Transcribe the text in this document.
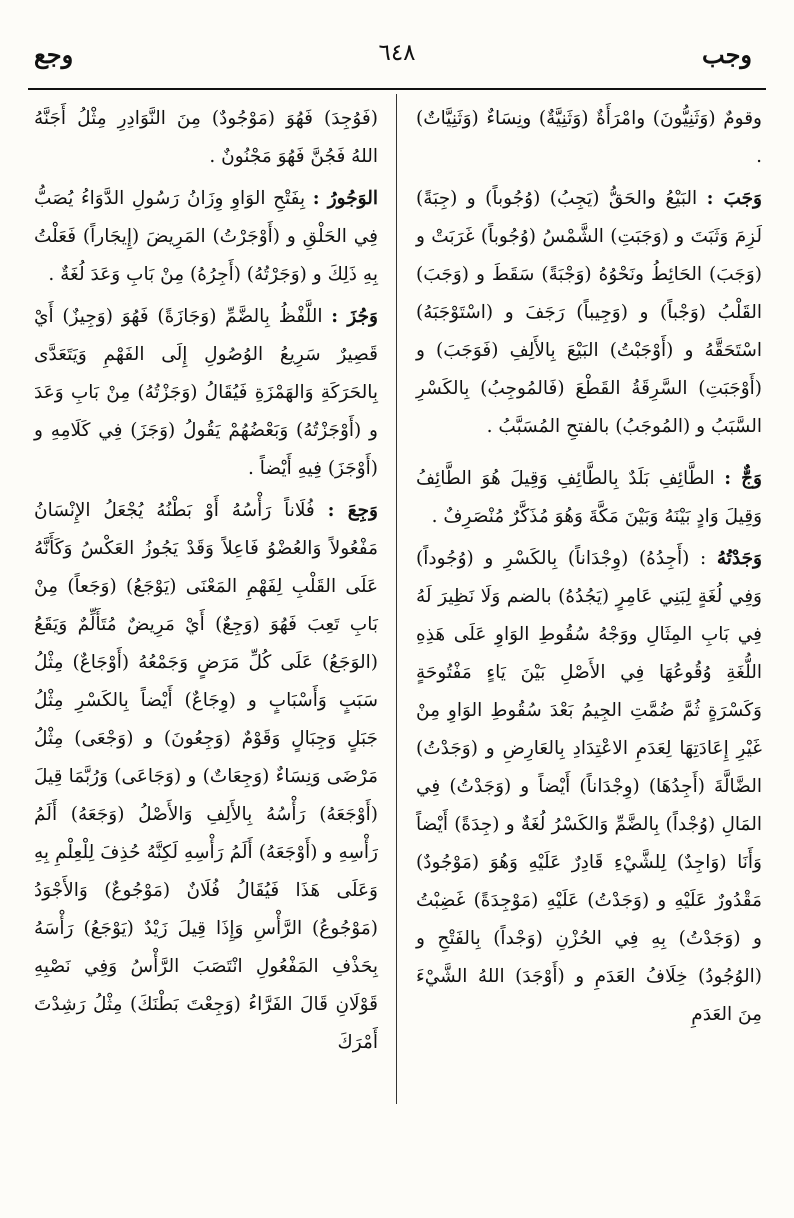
وجب
٦٤٨
وجع

وقومٌ (وَثَنِيُّونَ) وامْرَأَةٌ (وَثَنِيَّةٌ) ونِسَاءٌ (وَثَنِيَّاتٌ) .

وَجَبَ : البَيْعُ والحَقُّ (يَجِبُ) (وُجُوباً) و (جِبَةً) لَزِمَ وَثَبَتَ و (وَجَبَتِ) الشَّمْسُ (وُجُوباً) غَرَبَتْ و (وَجَبَ) الحَائِطُ ونَحْوُهُ (وَجْبَةً) سَقَطَ و (وَجَبَ) القَلْبُ (وَجْباً) و (وَجِيباً) رَجَفَ و (اسْتَوْجَبَهُ) اسْتَحَقَّهُ و (أَوْجَبْتُ) البَيْعَ بِالأَلِفِ (فَوَجَبَ) و (أَوْجَبَتِ) السَّرِقَةُ القَطْعَ (فَالمُوجِبُ) بِالكَسْرِ السَّبَبُ و (المُوجَبُ) بالفتحِ المُسَبَّبُ .

وَجٌّ : الطَّائِفِ بَلَدٌ بِالطَّائِفِ وَقِيلَ هُوَ الطَّائِفُ وَقِيلَ وَادٍ بَيْنَهُ وَبَيْنَ مَكَّةَ وَهُوَ مُذَكَّرٌ مُنْصَرِفٌ .

وَجَدْتُهُ : (أَجِدُهُ) (وِجْدَاناً) بِالكَسْرِ و (وُجُوداً) وَفِي لُغَةٍ لِبَنِي عَامِرٍ (يَجُدُهُ) بالضم وَلَا نَظِيرَ لَهُ فِي بَابِ المِثَالِ ووَجْهُ سُقُوطِ الوَاوِ عَلَى هَذِهِ اللُّغَةِ وُقُوعُهَا فِي الأَصْلِ بَيْنَ يَاءٍ مَفْتُوحَةٍ وَكَسْرَةٍ ثُمَّ ضُمَّتِ الجِيمُ بَعْدَ سُقُوطِ الوَاوِ مِنْ غَيْرِ إِعَادَتِهَا لِعَدَمِ الاعْتِدَادِ بِالعَارِضِ و (وَجَدْتُ) الضَّالَّةَ (أَجِدُهَا) (وِجْدَاناً) أَيْضاً و (وَجَدْتُ) فِي المَالِ (وُجْداً) بِالضَّمِّ وَالكَسْرُ لُغَةٌ و (جِدَةً) أَيْضاً وَأَنَا (وَاجِدٌ) لِلشَّيْءِ قَادِرٌ عَلَيْهِ وَهُوَ (مَوْجُودٌ) مَقْدُورٌ عَلَيْهِ و (وَجَدْتُ) عَلَيْهِ (مَوْجِدَةً) غَضِبْتُ و (وَجَدْتُ) بِهِ فِي الحُزْنِ (وَجْداً) بِالفَتْحِ و (الوُجُودُ) خِلَافُ العَدَمِ و (أَوْجَدَ) اللهُ الشَّيْءَ مِنَ العَدَمِ

(فَوُجِدَ) فَهُوَ (مَوْجُودٌ) مِنَ النَّوَادِرِ مِثْلُ أَجَنَّهُ اللهُ فَجُنَّ فَهُوَ مَجْنُونٌ .

الوَجُورُ : بِفَتْحِ الوَاوِ وِزَانُ رَسُولِ الدَّوَاءُ يُصَبُّ فِي الحَلْقِ و (أَوْجَرْتُ) المَرِيضَ (إِيجَاراً) فَعَلْتُ بِهِ ذَلِكَ و (وَجَرْتُهُ) (أَجِرُهُ) مِنْ بَابِ وَعَدَ لُغَةٌ .

وَجُزَ : اللَّفْظُ بِالضَّمِّ (وَجَازَةً) فَهُوَ (وَجِيزٌ) أَيْ قَصِيرٌ سَرِيعُ الوُصُولِ إِلَى الفَهْمِ وَيَتَعَدَّى بِالحَرَكَةِ وَالهَمْزَةِ فَيُقَالُ (وَجَزْتُهُ) مِنْ بَابِ وَعَدَ و (أَوْجَزْتُهُ) وَبَعْضُهُمْ يَقُولُ (وَجَزَ) فِي كَلَامِهِ و (أَوْجَزَ) فِيهِ أَيْضاً .

وَجِعَ : فُلَاناً رَأْسُهُ أَوْ بَطْنُهُ يُجْعَلُ الإِنْسَانُ مَفْعُولاً وَالعُضْوُ فَاعِلاً وَقَدْ يَجُوزُ العَكْسُ وَكَأَنَّهُ عَلَى القَلْبِ لِفَهْمِ المَعْنَى (يَوْجَعُ) (وَجَعاً) مِنْ بَابِ تَعِبَ فَهُوَ (وَجِعٌ) أَيْ مَرِيضٌ مُتَأَلِّمٌ وَيَقَعُ (الوَجَعُ) عَلَى كُلِّ مَرَضٍ وَجَمْعُهُ (أَوْجَاعٌ) مِثْلُ سَبَبٍ وَأَسْبَابٍ و (وِجَاعٌ) أَيْضاً بِالكَسْرِ مِثْلُ جَبَلٍ وَجِبَالٍ وَقَوْمٌ (وَجِعُونَ) و (وَجْعَى) مِثْلُ مَرْضَى وَنِسَاءٌ (وَجِعَاتٌ) و (وَجَاعَى) وَرُبَّمَا قِيلَ (أَوْجَعَهُ) رَأْسُهُ بِالأَلِفِ وَالأَصْلُ (وَجَعَهُ) أَلَمُ رَأْسِهِ و (أَوْجَعَهُ) أَلَمُ رَأْسِهِ لَكِنَّهُ حُذِفَ لِلْعِلْمِ بِهِ وَعَلَى هَذَا فَيُقَالُ فُلَانٌ (مَوْجُوعٌ) وَالأَجْوَدُ (مَوْجُوعُ) الرَّأْسِ وَإِذَا قِيلَ زَيْدٌ (يَوْجَعُ) رَأْسَهُ بِحَذْفِ المَفْعُولِ انْتَصَبَ الرَّأْسُ وَفِي نَصْبِهِ قَوْلَانِ قَالَ الفَرَّاءُ (وَجِعْتَ بَطْنَكَ) مِثْلُ رَشِدْتَ أَمْرَكَ
